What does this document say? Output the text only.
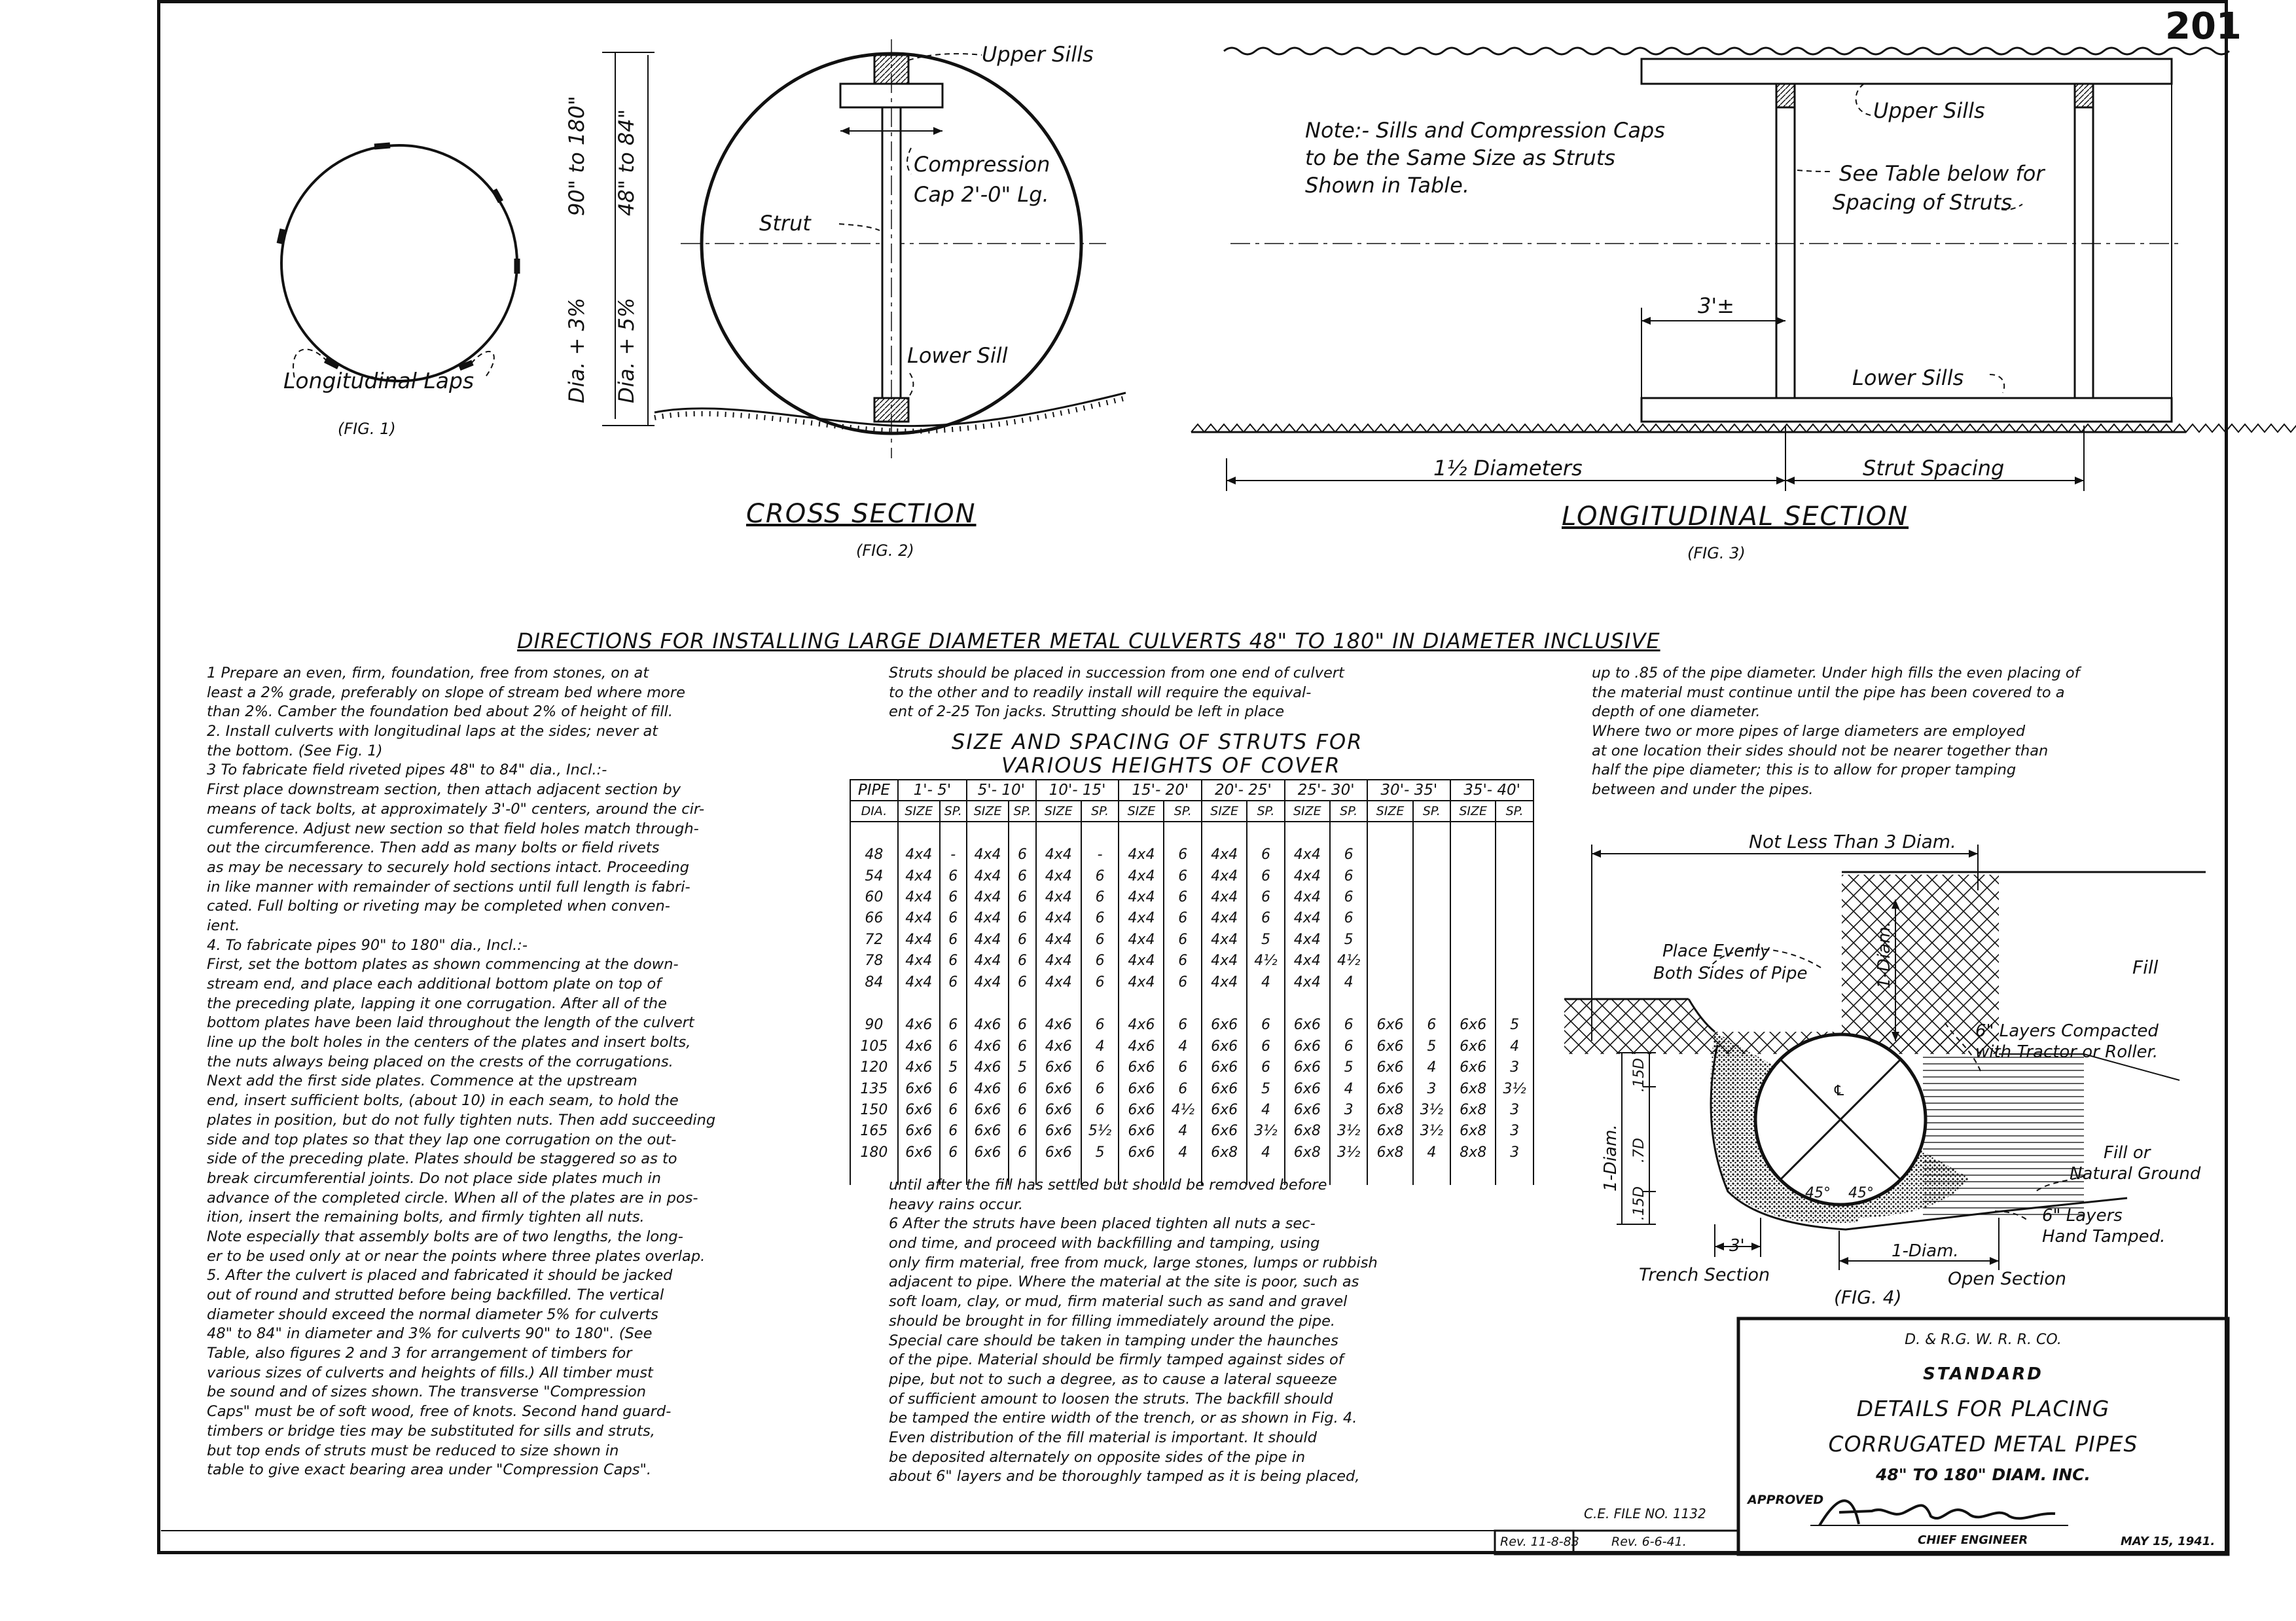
201
Longitudinal Laps
(FIG. 1)
Upper Sills
Compression
Cap 2'-0" Lg.
Strut
Lower Sill
90" to 180"
Dia. + 3%
48" to 84"
Dia. + 5%
CROSS SECTION
(FIG. 2)
Note:- Sills and Compression Caps
to be the Same Size as Struts
Shown in Table.
Upper Sills
See Table below for
Spacing of Struts
3'±
Lower Sills
1½ Diameters	Strut Spacing
LONGITUDINAL SECTION
(FIG. 3)
DIRECTIONS FOR INSTALLING LARGE DIAMETER METAL CULVERTS 48" TO 180" IN DIAMETER INCLUSIVE
1 Prepare an even, firm, foundation, free from stones, on at
least a 2% grade, preferably on slope of stream bed where more
than 2%. Camber the foundation bed about 2% of height of fill.
2. Install culverts with longitudinal laps at the sides; never at
the bottom. (See Fig. 1)
3 To fabricate field riveted pipes 48" to 84" dia., Incl.:-
First place downstream section, then attach adjacent section by
means of tack bolts, at approximately 3'-0" centers, around the cir-
cumference. Adjust new section so that field holes match through-
out the circumference. Then add as many bolts or field rivets
as may be necessary to securely hold sections intact. Proceeding
in like manner with remainder of sections until full length is fabri-
cated. Full bolting or riveting may be completed when conven-
ient.
4. To fabricate pipes 90" to 180" dia., Incl.:-
First, set the bottom plates as shown commencing at the down-
stream end, and place each additional bottom plate on top of
the preceding plate, lapping it one corrugation. After all of the
bottom plates have been laid throughout the length of the culvert
line up the bolt holes in the centers of the plates and insert bolts,
the nuts always being placed on the crests of the corrugations.
Next add the first side plates. Commence at the upstream
end, insert sufficient bolts, (about 10) in each seam, to hold the
plates in position, but do not fully tighten nuts. Then add succeeding
side and top plates so that they lap one corrugation on the out-
side of the preceding plate. Plates should be staggered so as to
break circumferential joints. Do not place side plates much in
advance of the completed circle. When all of the plates are in pos-
ition, insert the remaining bolts, and firmly tighten all nuts.
Note especially that assembly bolts are of two lengths, the long-
er to be used only at or near the points where three plates overlap.
5. After the culvert is placed and fabricated it should be jacked
out of round and strutted before being backfilled. The vertical
diameter should exceed the normal diameter 5% for culverts
48" to 84" in diameter and 3% for culverts 90" to 180". (See
Table, also figures 2 and 3 for arrangement of timbers for
various sizes of culverts and heights of fills.) All timber must
be sound and of sizes shown. The transverse "Compression
Caps" must be of soft wood, free of knots. Second hand guard-
timbers or bridge ties may be substituted for sills and struts,
but top ends of struts must be reduced to size shown in
table to give exact bearing area under "Compression Caps".
Struts should be placed in succession from one end of culvert
to the other and to readily install will require the equival-
ent of 2-25 Ton jacks. Strutting should be left in place
SIZE AND SPACING OF STRUTS FOR
VARIOUS HEIGHTS OF COVER
PIPE	1'- 5'		5'- 10'		10'- 15'		15'- 20'		20'- 25'		25'- 30'		30'- 35'		35'- 40'	
DIA.	SIZE	SP.	SIZE	SP.	SIZE	SP.	SIZE	SP.	SIZE	SP.	SIZE	SP.	SIZE	SP.	SIZE	SP.

48	4x4	-	4x4	6	4x4	-	4x4	6	4x4	6	4x4	6				
54	4x4	6	4x4	6	4x4	6	4x4	6	4x4	6	4x4	6				
60	4x4	6	4x4	6	4x4	6	4x4	6	4x4	6	4x4	6				
66	4x4	6	4x4	6	4x4	6	4x4	6	4x4	6	4x4	6				
72	4x4	6	4x4	6	4x4	6	4x4	6	4x4	5	4x4	5				
78	4x4	6	4x4	6	4x4	6	4x4	6	4x4	4½	4x4	4½				
84	4x4	6	4x4	6	4x4	6	4x4	6	4x4	4	4x4	4				

90	4x6	6	4x6	6	4x6	6	4x6	6	6x6	6	6x6	6	6x6	6	6x6	5
105	4x6	6	4x6	6	4x6	4	4x6	4	6x6	6	6x6	6	6x6	5	6x6	4
120	4x6	5	4x6	5	6x6	6	6x6	6	6x6	6	6x6	5	6x6	4	6x6	3
135	6x6	6	4x6	6	6x6	6	6x6	6	6x6	5	6x6	4	6x6	3	6x8	3½
150	6x6	6	6x6	6	6x6	6	6x6	4½	6x6	4	6x6	3	6x8	3½	6x8	3
165	6x6	6	6x6	6	6x6	5½	6x6	4	6x6	3½	6x8	3½	6x8	3½	6x8	3
180	6x6	6	6x6	6	6x6	5	6x6	4	6x8	4	6x8	3½	6x8	4	8x8	3

until after the fill has settled but should be removed before
heavy rains occur.
6 After the struts have been placed tighten all nuts a sec-
ond time, and proceed with backfilling and tamping, using
only firm material, free from muck, large stones, lumps or rubbish
adjacent to pipe. Where the material at the site is poor, such as
soft loam, clay, or mud, firm material such as sand and gravel
should be brought in for filling immediately around the pipe.
Special care should be taken in tamping under the haunches
of the pipe. Material should be firmly tamped against sides of
pipe, but not to such a degree, as to cause a lateral squeeze
of sufficient amount to loosen the struts. The backfill should
be tamped the entire width of the trench, or as shown in Fig. 4.
Even distribution of the fill material is important. It should
be deposited alternately on opposite sides of the pipe in
about 6" layers and be thoroughly tamped as it is being placed,
up to .85 of the pipe diameter. Under high fills the even placing of
the material must continue until the pipe has been covered to a
depth of one diameter.
Where two or more pipes of large diameters are employed
at one location their sides should not be nearer together than
half the pipe diameter; this is to allow for proper tamping
between and under the pipes.
Not Less Than 3 Diam.
Place Evenly
Both Sides of Pipe	1-Diam.	Fill
6" Layers Compacted
with Tractor or Roller.
1-Diam.
.15D
.7D
.15D
℄
45° 45°
Fill or
Natural Ground
6" Layers
Hand Tamped.
3'	1-Diam.
Trench Section	Open Section
(FIG. 4)
D. & R.G. W. R. R. CO.
STANDARD
DETAILS FOR PLACING
CORRUGATED METAL PIPES
48" TO 180" DIAM. INC.
APPROVED
CHIEF ENGINEER	MAY 15, 1941.
C.E. FILE NO. 1132
Rev. 11-8-83	Rev. 6-6-41.
